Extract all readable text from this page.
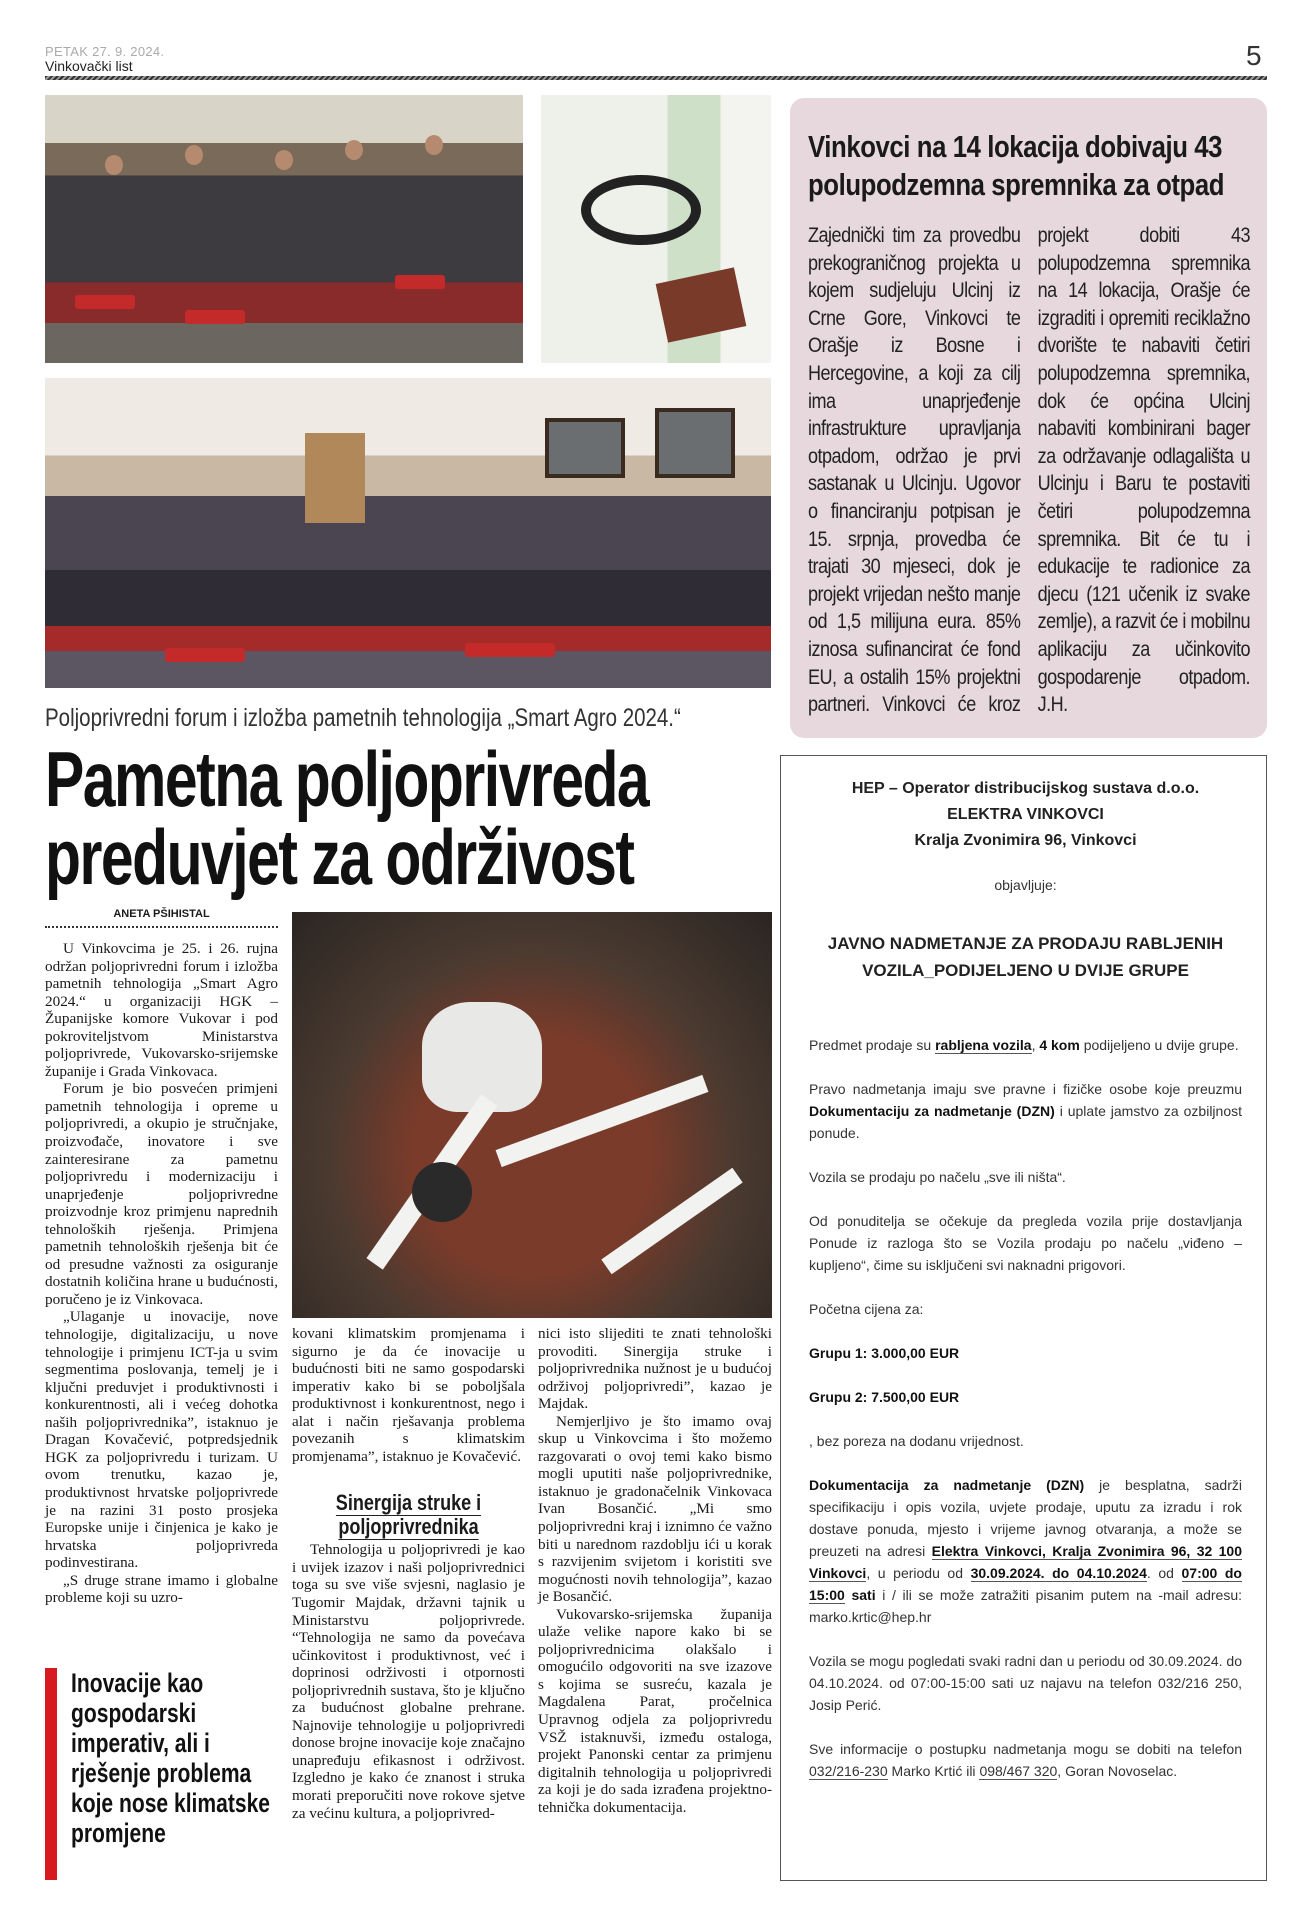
PETAK 27. 9. 2024.
Vinkovački list	5
Poljoprivredni forum i izložba pametnih tehnologija „Smart Agro 2024.“
Pametna poljoprivreda
preduvjet za održivost
ANETA PŠIHISTAL

U Vinkovcima je 25. i 26. rujna održan poljoprivredni forum i izložba pametnih tehnologija „Smart Agro 2024.“ u organizaciji HGK – Županijske komore Vukovar i pod pokroviteljstvom Ministarstva poljoprivrede, Vukovarsko-srijemske županije i Grada Vinkovaca.

Forum je bio posvećen primjeni pametnih tehnologija i opreme u poljoprivredi, a okupio je stručnjake, proizvođače, inovatore i sve zainteresirane za pametnu poljoprivredu i modernizaciju i unaprjeđenje poljoprivredne proizvodnje kroz primjenu naprednih tehnoloških rješenja. Primjena pametnih tehnoloških rješenja bit će od presudne važnosti za osiguranje dostatnih količina hrane u budućnosti, poručeno je iz Vinkovaca.

„Ulaganje u inovacije, nove tehnologije, digitalizaciju, u nove tehnologije i primjenu ICT-ja u svim segmentima poslovanja, temelj je i ključni preduvjet i produktivnosti i konkurentnosti, ali i većeg dohotka naših poljoprivrednika”, istaknuo je Dragan Kovačević, potpredsjednik HGK za poljoprivredu i turizam. U ovom trenutku, kazao je, produktivnost hrvatske poljoprivrede je na razini 31 posto prosjeka Europske unije i činjenica je kako je hrvatska poljoprivreda podinvestirana.

„S druge strane imamo i globalne probleme koji su uzro-

Inovacije kao gospodarski imperativ, ali i rješenje problema koje nose klimatske promjene
kovani klimatskim promjenama i sigurno je da će inovacije u budućnosti biti ne samo gospodarski imperativ kako bi se poboljšala produktivnost i konkurentnost, nego i alat i način rješavanja problema povezanih s klimatskim promjenama”, istaknuo je Kovačević.
Sinergija struke i poljoprivrednika

Tehnologija u poljoprivredi je kao i uvijek izazov i naši poljoprivrednici toga su sve više svjesni, naglasio je Tugomir Majdak, državni tajnik u Ministarstvu poljoprivrede. “Tehnologija ne samo da povećava učinkovitost i produktivnost, već i doprinosi održivosti i otpornosti poljoprivrednih sustava, što je ključno za budućnost globalne prehrane. Najnovije tehnologije u poljoprivredi donose brojne inovacije koje značajno unapređuju efikasnost i održivost. Izgledno je kako će znanost i struka morati preporučiti nove rokove sjetve za većinu kultura, a poljoprivred-

nici isto slijediti te znati tehnološki provoditi. Sinergija struke i poljoprivrednika nužnost je u budućoj održivoj poljoprivredi”, kazao je Majdak.

Nemjerljivo je što imamo ovaj skup u Vinkovcima i što možemo razgovarati o ovoj temi kako bismo mogli uputiti naše poljoprivrednike, istaknuo je gradonačelnik Vinkovaca Ivan Bosančić. „Mi smo poljoprivredni kraj i iznimno će važno biti u narednom razdoblju ići u korak s razvijenim svijetom i koristiti sve mogućnosti novih tehnologija”, kazao je Bosančić.

Vukovarsko-srijemska županija ulaže velike napore kako bi se poljoprivrednicima olakšalo i omogućilo odgovoriti na sve izazove s kojima se susreću, kazala je Magdalena Parat, pročelnica Upravnog odjela za poljoprivredu VSŽ istaknuvši, između ostaloga, projekt Panonski centar za primjenu digitalnih tehnologija u poljoprivredi za koji je do sada izrađena projektno-tehnička dokumentacija.

Vinkovci na 14 lokacija dobivaju 43 polupodzemna spremnika za otpad
Zajednički tim za provedbu prekograničnog projekta u kojem sudjeluju Ulcinj iz Crne Gore, Vinkovci te Orašje iz Bosne i Hercegovine, a koji za cilj ima unaprjeđenje infrastrukture upravljanja otpadom, održao je prvi sastanak u Ulcinju. Ugovor o financiranju potpisan je 15. srpnja, provedba će trajati 30 mjeseci, dok je projekt vrijedan nešto manje od 1,5 milijuna eura. 85% iznosa sufinancirat će fond EU, a ostalih 15% projektni partneri. Vinkovci će kroz projekt dobiti 43 polupodzemna spremnika na 14 lokacija, Orašje će izgraditi i opremiti reciklažno dvorište te nabaviti četiri polupodzemna spremnika, dok će općina Ulcinj nabaviti kombinirani bager za održavanje odlagališta u Ulcinju i Baru te postaviti četiri polupodzemna spremnika. Bit će tu i edukacije te radionice za djecu (121 učenik iz svake zemlje), a razvit će i mobilnu aplikaciju za učinkovito gospodarenje otpadom. J.H.
HEP – Operator distribucijskog sustava d.o.o.
ELEKTRA VINKOVCI
Kralja Zvonimira 96, Vinkovci
objavljuje:
JAVNO NADMETANJE ZA PRODAJU RABLJENIH
VOZILA_PODIJELJENO U DVIJE GRUPE

Predmet prodaje su rabljena vozila, 4 kom podijeljeno u dvije grupe.

Pravo nadmetanja imaju sve pravne i fizičke osobe koje preuzmu Dokumentaciju za nadmetanje (DZN) i uplate jamstvo za ozbiljnost ponude.

Vozila se prodaju po načelu „sve ili ništa“.

Od ponuditelja se očekuje da pregleda vozila prije dostavljanja Ponude iz razloga što se Vozila prodaju po načelu „viđeno – kupljeno“, čime su isključeni svi naknadni prigovori.

Početna cijena za:

Grupu 1: 3.000,00 EUR

Grupu 2: 7.500,00 EUR

, bez poreza na dodanu vrijednost.

Dokumentacija za nadmetanje (DZN) je besplatna, sadrži specifikaciju i opis vozila, uvjete prodaje, uputu za izradu i rok dostave ponuda, mjesto i vrijeme javnog otvaranja, a može se preuzeti na adresi Elektra Vinkovci, Kralja Zvonimira 96, 32 100 Vinkovci, u periodu od 30.09.2024. do 04.10.2024. od 07:00 do 15:00 sati i / ili se može zatražiti pisanim putem na -mail adresu: marko.krtic@hep.hr

Vozila se mogu pogledati svaki radni dan u periodu od 30.09.2024. do 04.10.2024. od 07:00-15:00 sati uz najavu na telefon 032/216 250, Josip Perić.

Sve informacije o postupku nadmetanja mogu se dobiti na telefon 032/216-230 Marko Krtić ili 098/467 320, Goran Novoselac.
